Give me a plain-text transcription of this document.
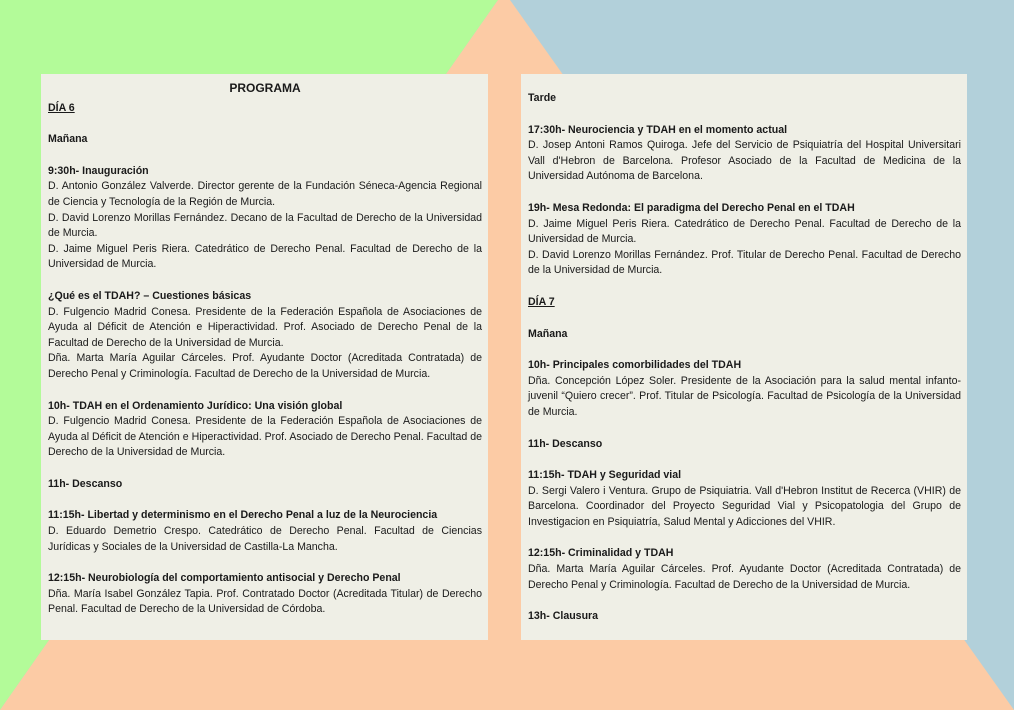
PROGRAMA
DÍA 6
Mañana
9:30h- Inauguración

D. Antonio González Valverde. Director gerente de la Fundación Séneca-Agencia Regional de Ciencia y Tecnología de la Región de Murcia.

D. David Lorenzo Morillas Fernández. Decano de la Facultad de Derecho de la Universidad de Murcia.

D. Jaime Miguel Peris Riera. Catedrático de Derecho Penal. Facultad de Derecho de la Universidad de Murcia.

¿Qué es el TDAH? – Cuestiones básicas

D. Fulgencio Madrid Conesa. Presidente de la Federación Española de Asociaciones de Ayuda al Déficit de Atención e Hiperactividad. Prof. Asociado de Derecho Penal de la Facultad de Derecho de la Universidad de Murcia.

Dña. Marta María Aguilar Cárceles. Prof. Ayudante Doctor (Acreditada Contratada) de Derecho Penal y Criminología. Facultad de Derecho de la Universidad de Murcia.

10h- TDAH en el Ordenamiento Jurídico: Una visión global

D. Fulgencio Madrid Conesa. Presidente de la Federación Española de Asociaciones de Ayuda al Déficit de Atención e Hiperactividad. Prof. Asociado de Derecho Penal. Facultad de Derecho de la Universidad de Murcia.

11h- Descanso
11:15h- Libertad y determinismo en el Derecho Penal a luz de la Neurociencia

D. Eduardo Demetrio Crespo. Catedrático de Derecho Penal. Facultad de Ciencias Jurídicas y Sociales de la Universidad de Castilla-La Mancha.

12:15h- Neurobiología del comportamiento antisocial y Derecho Penal

Dña. María Isabel González Tapia. Prof. Contratado Doctor (Acreditada Titular) de Derecho Penal. Facultad de Derecho de la Universidad de Córdoba.

Tarde
17:30h- Neurociencia y TDAH en el momento actual

D. Josep Antoni Ramos Quiroga. Jefe del Servicio de Psiquiatría del Hospital Universitari Vall d'Hebron de Barcelona. Profesor Asociado de la Facultad de Medicina de la Universidad Autónoma de Barcelona.

19h- Mesa Redonda: El paradigma del Derecho Penal en el TDAH

D. Jaime Miguel Peris Riera. Catedrático de Derecho Penal. Facultad de Derecho de la Universidad de Murcia.

D. David Lorenzo Morillas Fernández. Prof. Titular de Derecho Penal. Facultad de Derecho de la Universidad de Murcia.

DÍA 7
Mañana
10h- Principales comorbilidades del TDAH

Dña. Concepción López Soler. Presidente de la Asociación para la salud mental infanto-juvenil “Quiero crecer”. Prof. Titular de Psicología. Facultad de Psicología de la Universidad de Murcia.

11h- Descanso
11:15h- TDAH y Seguridad vial

D. Sergi Valero i Ventura. Grupo de Psiquiatria. Vall d'Hebron Institut de Recerca (VHIR) de Barcelona. Coordinador del Proyecto Seguridad Vial y Psicopatologia del Grupo de Investigacion en Psiquiatría, Salud Mental y Adicciones del VHIR.

12:15h- Criminalidad y TDAH

Dña. Marta María Aguilar Cárceles. Prof. Ayudante Doctor (Acreditada Contratada) de Derecho Penal y Criminología. Facultad de Derecho de la Universidad de Murcia.

13h- Clausura
